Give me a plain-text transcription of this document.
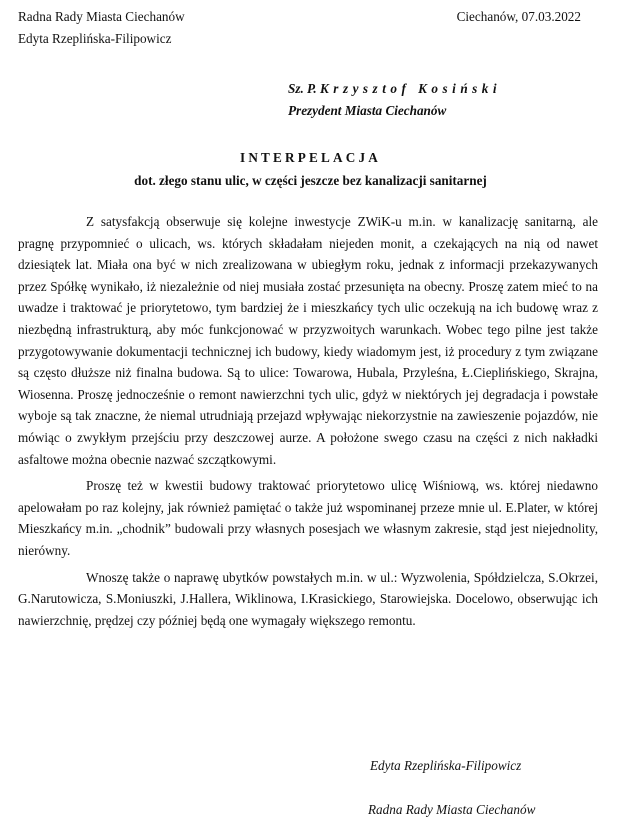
Radna Rady Miasta Ciechanów
Edyta Rzeplińska-Filipowicz
Ciechanów, 07.03.2022
Sz. P. Krzysztof Kosiński
Prezydent Miasta Ciechanów
INTERPELACJA
dot. złego stanu ulic, w części jeszcze bez kanalizacji sanitarnej

Z satysfakcją obserwuje się kolejne inwestycje ZWiK-u m.in. w kanalizację sanitarną, ale pragnę przypomnieć o ulicach, ws. których składałam niejeden monit, a czekających na nią od nawet dziesiątek lat. Miała ona być w nich zrealizowana w ubiegłym roku, jednak z informacji przekazywanych przez Spółkę wynikało, iż niezależnie od niej musiała zostać przesunięta na obecny. Proszę zatem mieć to na uwadze i traktować je priorytetowo, tym bardziej że i mieszkańcy tych ulic oczekują na ich budowę wraz z niezbędną infrastrukturą, aby móc funkcjonować w przyzwoitych warunkach. Wobec tego pilne jest także przygotowywanie dokumentacji technicznej ich budowy, kiedy wiadomym jest, iż procedury z tym związane są często dłuższe niż finalna budowa. Są to ulice: Towarowa, Hubala, Przyleśna, Ł.Cieplińskiego, Skrajna, Wiosenna. Proszę jednocześnie o remont nawierzchni tych ulic, gdyż w niektórych jej degradacja i powstałe wyboje są tak znaczne, że niemal utrudniają przejazd wpływając niekorzystnie na zawieszenie pojazdów, nie mówiąc o zwykłym przejściu przy deszczowej aurze. A położone swego czasu na części z nich nakładki asfaltowe można obecnie nazwać szczątkowymi.

Proszę też w kwestii budowy traktować priorytetowo ulicę Wiśniową, ws. której niedawno apelowałam po raz kolejny, jak również pamiętać o także już wspominanej przeze mnie ul. E.Plater, w której Mieszkańcy m.in. „chodnik” budowali przy własnych posesjach we własnym zakresie, stąd jest niejednolity, nierówny.

Wnoszę także o naprawę ubytków powstałych m.in. w ul.: Wyzwolenia, Spółdzielcza, S.Okrzei, G.Narutowicza, S.Moniuszki, J.Hallera, Wiklinowa, I.Krasickiego, Starowiejska. Docelowo, obserwując ich nawierzchnię, prędzej czy później będą one wymagały większego remontu.

Edyta Rzeplińska-Filipowicz
Radna Rady Miasta Ciechanów
